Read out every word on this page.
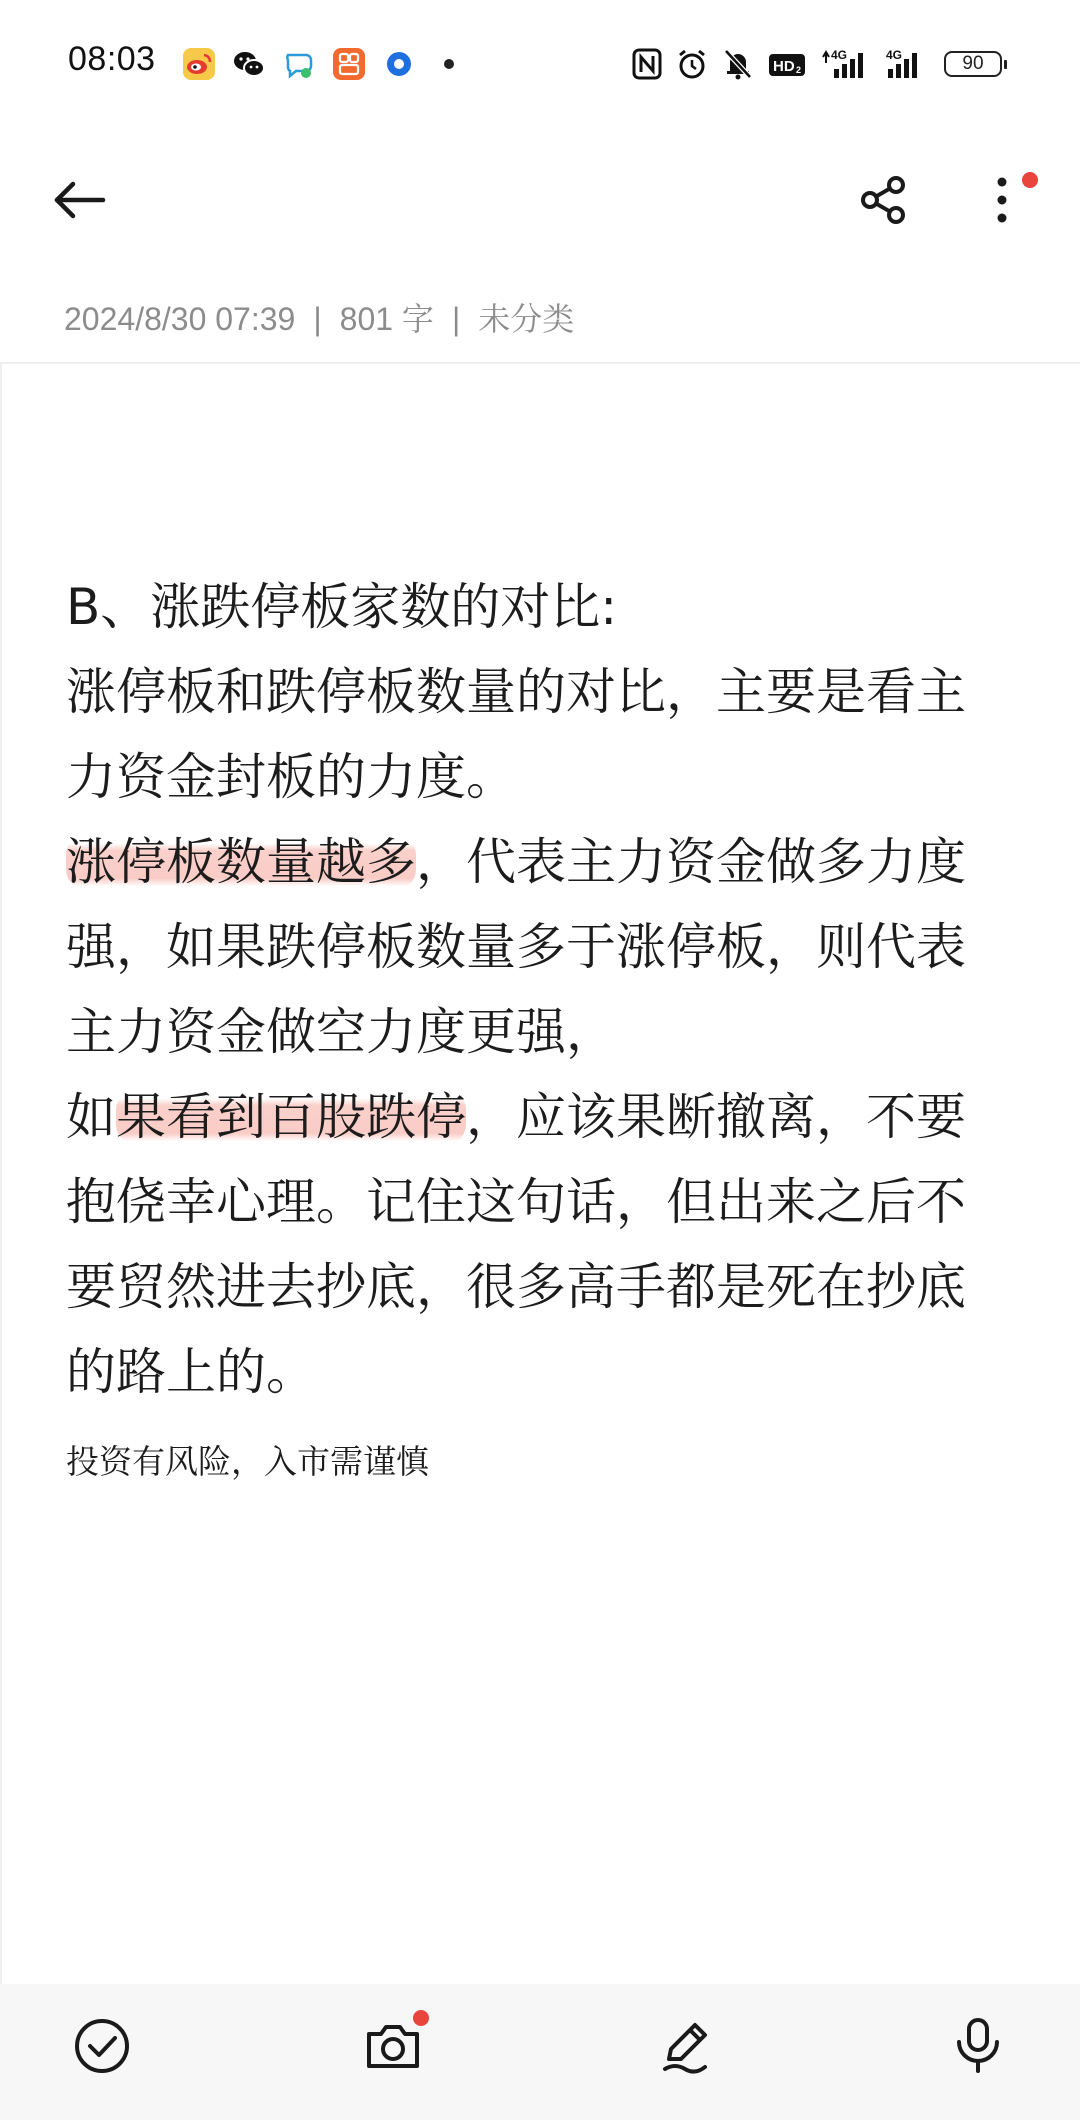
08:03	HD 2
4G	4G	90
2024/8/30 07:39 | 801 字 | 未分类

B、涨跌停板家数的对比:

涨停板和跌停板数量的对比，主要是看主力资金封板的力度。

涨停板数量越多，代表主力资金做多力度强，如果跌停板数量多于涨停板，则代表主力资金做空力度更强，

如果看到百股跌停，应该果断撤离，不要抱侥幸心理。记住这句话，但出来之后不要贸然进去抄底，很多高手都是死在抄底的路上的。

投资有风险，入市需谨慎
